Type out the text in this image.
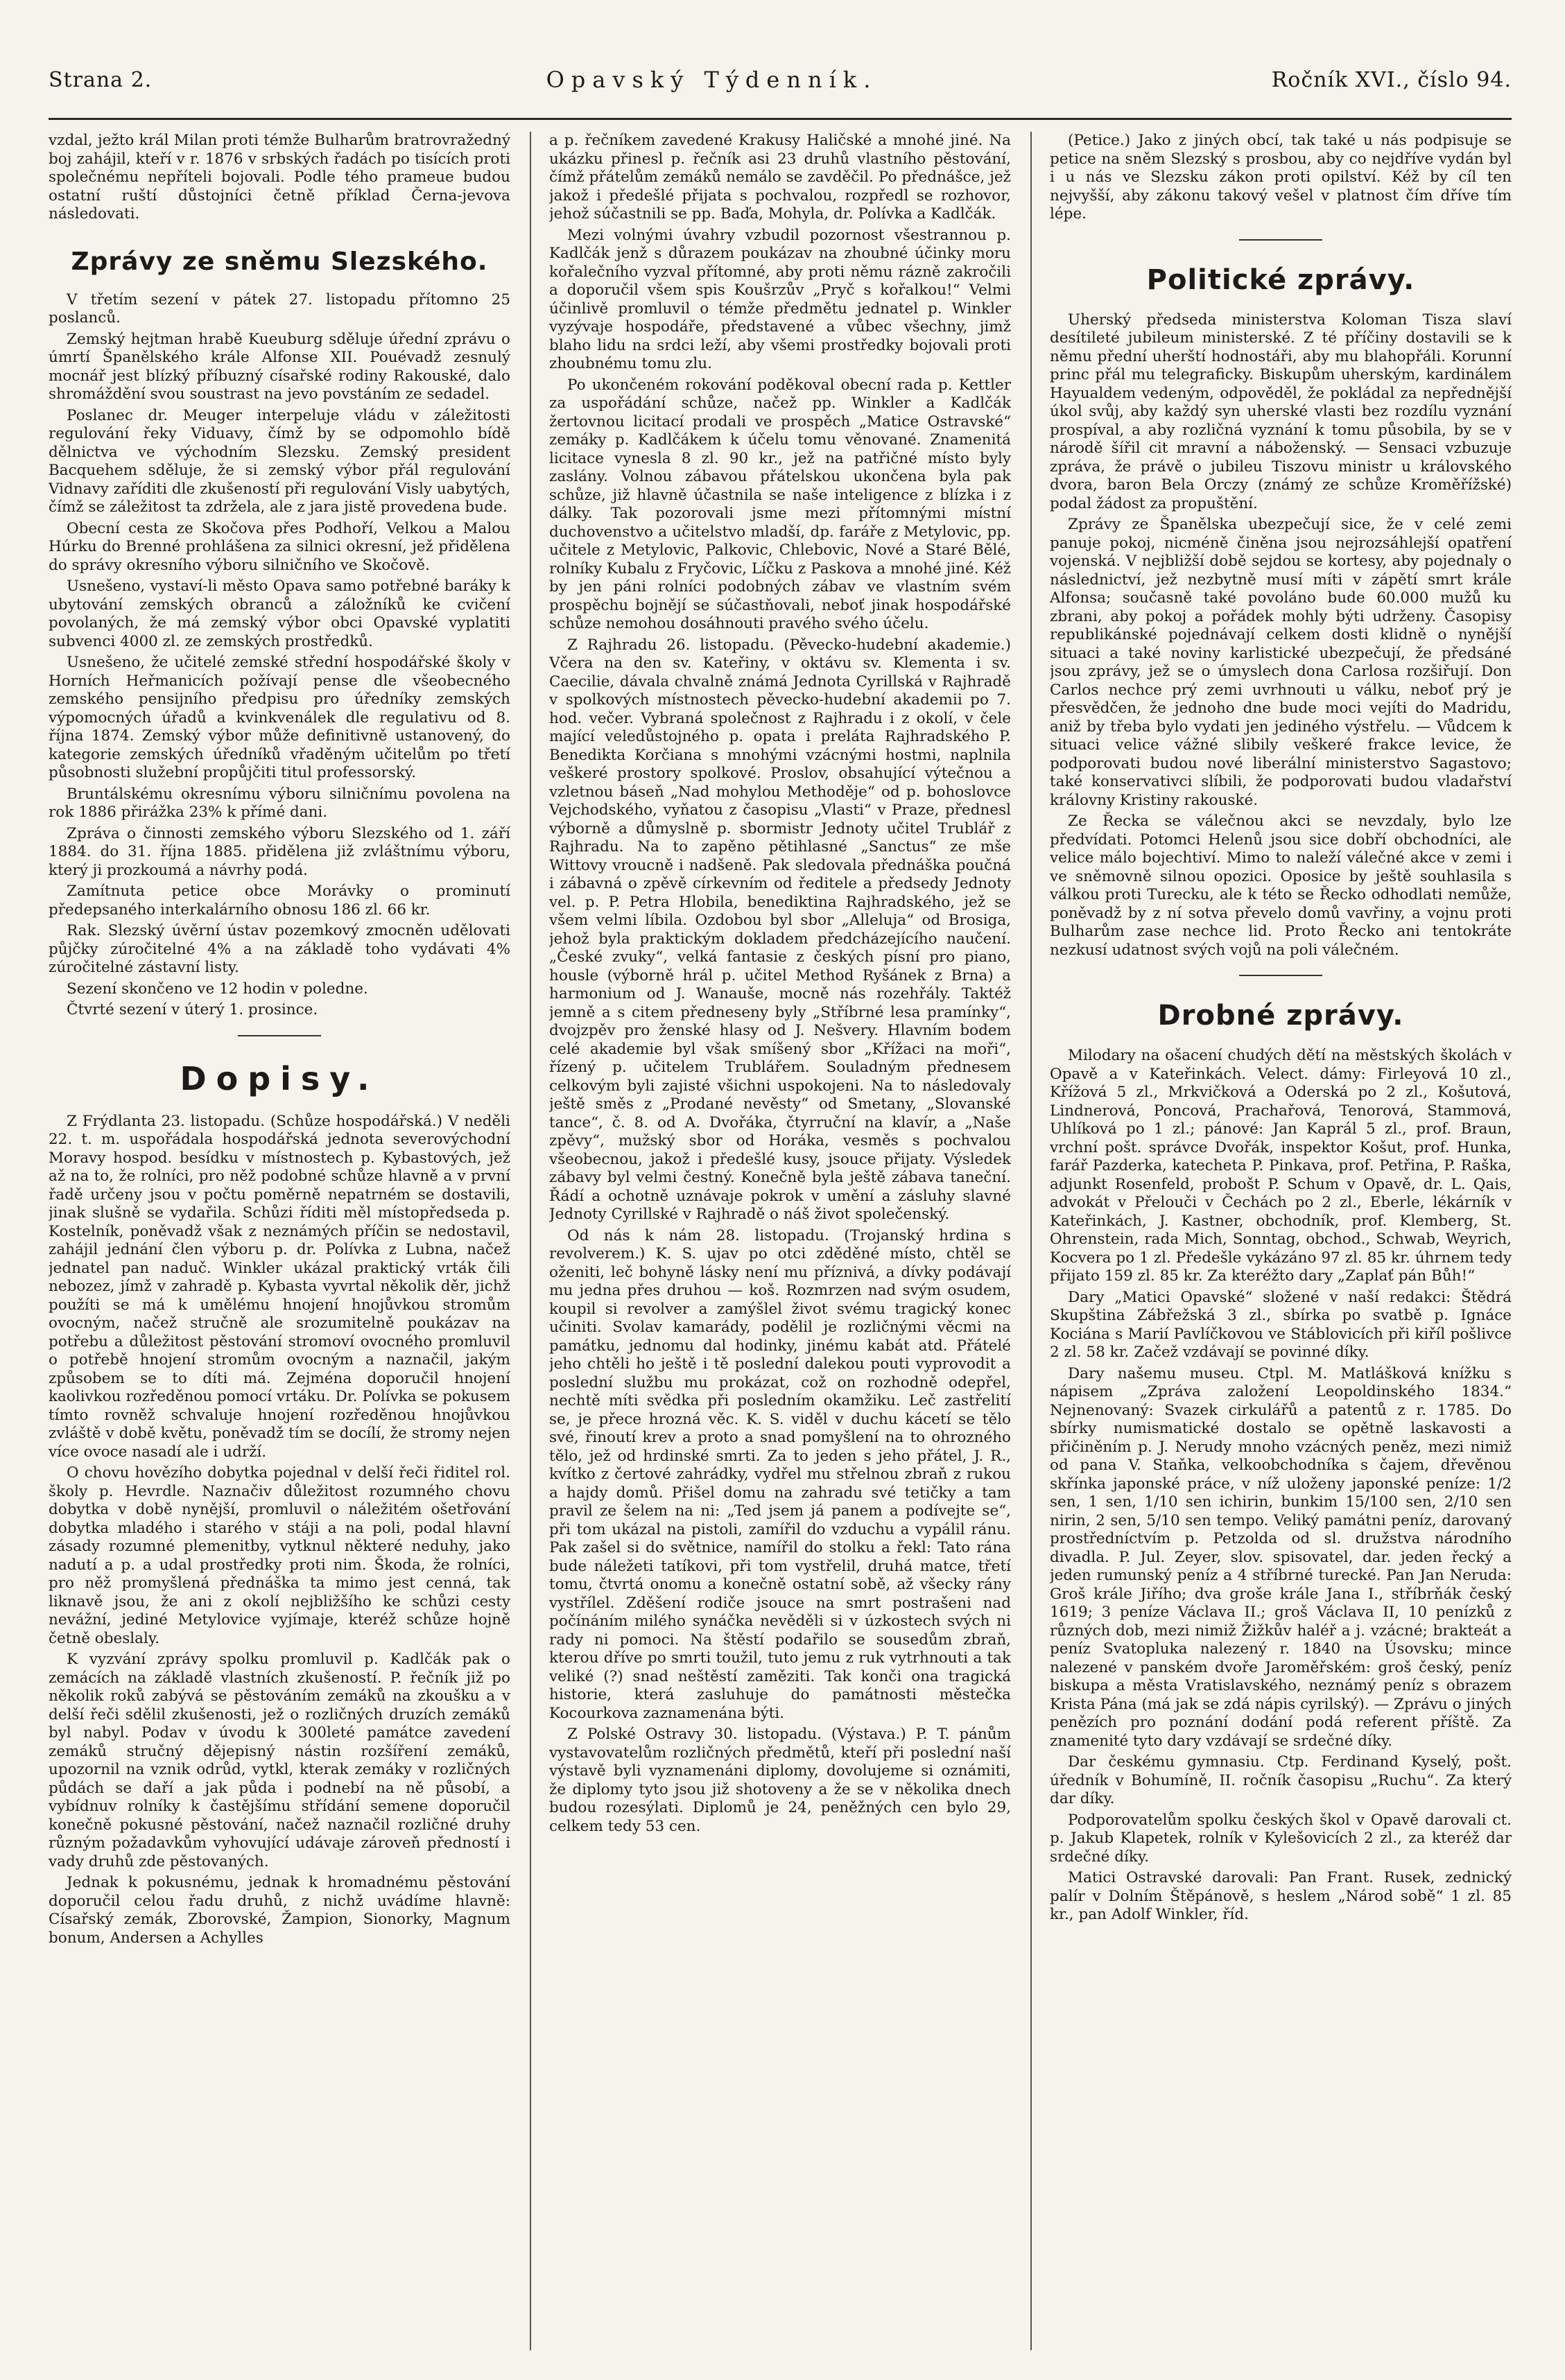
Strana 2.	Opavský Týdenník.	Ročník XVI., číslo 94.

vzdal, ježto král Milan proti témže Bulharům bratrovražedný boj zahájil, kteří v r. 1876 v srbských řadách po tisících proti společnému nepříteli bojovali. Podle tého prameue budou ostatní ruští důstojníci četně příklad Černa-jevova následovati.

Zprávy ze sněmu Slezského.

V třetím sezení v pátek 27. listopadu přítomno 25 poslanců.

Zemský hejtman hrabě Kueuburg sděluje úřední zprávu o úmrtí Španělského krále Alfonse XII. Pouévadž zesnulý mocnář jest blízký příbuzný císařské rodiny Rakouské, dalo shromáždění svou soustrast na jevo povstáním ze sedadel.

Poslanec dr. Meuger interpeluje vládu v záležitosti regulování řeky Viduavy, čímž by se odpomohlo bídě dělnictva ve východním Slezsku. Zemský president Bacquehem sděluje, že si zemský výbor přál regulování Vidnavy zaříditi dle zkušeností při regulování Visly uabytých, čímž se záležitost ta zdržela, ale z jara jistě provedena bude.

Obecní cesta ze Skočova přes Podhoří, Velkou a Malou Húrku do Brenné prohlášena za silnici okresní, jež přidělena do správy okresního výboru silničního ve Skočově.

Usnešeno, vystaví-li město Opava samo potřebné baráky k ubytování zemských obranců a záložníků ke cvičení povolaných, že má zemský výbor obci Opavské vyplatiti subvenci 4000 zl. ze zemských prostředků.

Usnešeno, že učitelé zemské střední hospodářské školy v Horních Heřmanicích požívají pense dle všeobecného zemského pensijního předpisu pro úředníky zemských výpomocných úřadů a kvinkvenálek dle regulativu od 8. října 1874. Zemský výbor může definitivně ustanovený, do kategorie zemských úředníků vřaděným učitelům po třetí působnosti služební propůjčiti titul professorský.

Bruntálskému okresnímu výboru silničnímu povolena na rok 1886 přirážka 23% k přímé dani.

Zpráva o činnosti zemského výboru Slezského od 1. září 1884. do 31. října 1885. přidělena již zvláštnímu výboru, který ji prozkoumá a návrhy podá.

Zamítnuta petice obce Morávky o prominutí předepsaného interkalárního obnosu 186 zl. 66 kr.

Rak. Slezský úvěrní ústav pozemkový zmocněn udělovati půjčky zúročitelné 4% a na základě toho vydávati 4% zúročitelné zástavní listy.

Sezení skončeno ve 12 hodin v poledne.

Čtvrté sezení v úterý 1. prosince.

Dopisy.

Z Frýdlanta 23. listopadu. (Schůze hospodářská.) V neděli 22. t. m. uspořádala hospodářská jednota severovýchodní Moravy hospod. besídku v místnostech p. Kybastových, jež až na to, že rolníci, pro něž podobné schůze hlavně a v první řadě určeny jsou v počtu poměrně nepatrném se dostavili, jinak slušně se vydařila. Schůzi říditi měl místopředseda p. Kostelník, poněvadž však z neznámých příčin se nedostavil, zahájil jednání člen výboru p. dr. Polívka z Lubna, načež jednatel pan naduč. Winkler ukázal praktický vrták čili nebozez, jímž v zahradě p. Kybasta vyvrtal několik děr, jichž použíti se má k umělému hnojení hnojůvkou stromům ovocným, načež stručně ale srozumitelně poukázav na potřebu a důležitost pěstování stromoví ovocného promluvil o potřebě hnojení stromům ovocným a naznačil, jakým způsobem se to díti má. Zejména doporučil hnojení kaolivkou rozředěnou pomocí vrtáku. Dr. Polívka se pokusem tímto rovněž schvaluje hnojení rozředěnou hnojůvkou zvláště v době květu, poněvadž tím se docílí, že stromy nejen více ovoce nasadí ale i udrží.

O chovu hovězího dobytka pojednal v delší řeči řiditel rol. školy p. Hevrdle. Naznačiv důležitost rozumného chovu dobytka v době nynější, promluvil o náležitém ošetřování dobytka mladého i starého v stáji a na poli, podal hlavní zásady rozumné plemenitby, vytknul některé neduhy, jako nadutí a p. a udal prostředky proti nim. Škoda, že rolníci, pro něž promyšlená přednáška ta mimo jest cenná, tak liknavě jsou, že ani z okolí nejbližšího ke schůzi cesty nevážní, jediné Metylovice vyjímaje, kteréž schůze hojně četně obeslaly.

K vyzvání zprávy spolku promluvil p. Kadlčák pak o zemácích na základě vlastních zkušeností. P. řečník již po několik roků zabývá se pěstováním zemáků na zkoušku a v delší řeči sdělil zkušenosti, jež o rozličných druzích zemáků byl nabyl. Podav v úvodu k 300leté památce zavedení zemáků stručný dějepisný nástin rozšíření zemáků, upozornil na vznik odrůd, vytkl, kterak zemáky v rozličných půdách se daří a jak půda i podnebí na ně působí, a vybídnuv rolníky k častějšímu střídání semene doporučil konečně pokusné pěstování, načež naznačil rozličné druhy různým požadavkům vyhovující udávaje zároveň předností i vady druhů zde pěstovaných.

Jednak k pokusnému, jednak k hromadnému pěstování doporučil celou řadu druhů, z nichž uvádíme hlavně: Císařský zemák, Zborovské, Žampion, Sionorky, Magnum bonum, Andersen a Achylles

a p. řečníkem zavedené Krakusy Haličské a mnohé jiné. Na ukázku přinesl p. řečník asi 23 druhů vlastního pěstování, čímž přátelům zemáků nemálo se zavděčil. Po přednášce, jež jakož i předešlé přijata s pochvalou, rozpředl se rozhovor, jehož súčastnili se pp. Baďa, Mohyla, dr. Polívka a Kadlčák.

Mezi volnými úvahry vzbudil pozornost všestrannou p. Kadlčák jenž s důrazem poukázav na zhoubné účinky moru kořalečního vyzval přítomné, aby proti němu rázně zakročili a doporučil všem spis Koušrzův „Pryč s kořalkou!“ Velmi účinlivě promluvil o témže předmětu jednatel p. Winkler vyzývaje hospodáře, představené a vůbec všechny, jimž blaho lidu na srdci leží, aby všemi prostředky bojovali proti zhoubnému tomu zlu.

Po ukončeném rokování poděkoval obecní rada p. Kettler za uspořádání schůze, načež pp. Winkler a Kadlčák žertovnou licitací prodali ve prospěch „Matice Ostravské“ zemáky p. Kadlčákem k účelu tomu věnované. Znamenitá licitace vynesla 8 zl. 90 kr., jež na patřičné místo byly zaslány. Volnou zábavou přátelskou ukončena byla pak schůze, již hlavně účastnila se naše inteligence z blízka i z dálky. Tak pozorovali jsme mezi přítomnými místní duchovenstvo a učitelstvo mladší, dp. faráře z Metylovic, pp. učitele z Metylovic, Palkovic, Chlebovic, Nové a Staré Bělé, rolníky Kubalu z Fryčovic, Líčku z Paskova a mnohé jiné. Kéž by jen páni rolníci podobných zábav ve vlastním svém prospěchu bojnějí se súčastňovali, neboť jinak hospodářské schůze nemohou dosáhnouti pravého svého účelu.

Z Rajhradu 26. listopadu. (Pěvecko-hudební akademie.) Včera na den sv. Kateřiny, v oktávu sv. Klementa i sv. Caecilie, dávala chvalně známá Jednota Cyrillská v Rajhradě v spolkových místnostech pěvecko-hudební akademii po 7. hod. večer. Vybraná společnost z Rajhradu i z okolí, v čele mající veledůstojného p. opata i preláta Rajhradského P. Benedikta Korčiana s mnohými vzácnými hostmi, naplnila veškeré prostory spolkové. Proslov, obsahující výtečnou a vzletnou báseň „Nad mohylou Methoděje“ od p. bohoslovce Vejchodského, vyňatou z časopisu „Vlasti“ v Praze, přednesl výborně a důmyslně p. sbormistr Jednoty učitel Trublář z Rajhradu. Na to zapěno pětihlasné „Sanctus“ ze mše Wittovy vroucně i nadšeně. Pak sledovala přednáška poučná i zábavná o zpěvě církevním od ředitele a předsedy Jednoty vel. p. P. Petra Hlobila, benediktina Rajhradského, jež se všem velmi líbila. Ozdobou byl sbor „Alleluja“ od Brosiga, jehož byla praktickým dokladem předcházejícího naučení. „České zvuky“, velká fantasie z českých písní pro piano, housle (výborně hrál p. učitel Method Ryšánek z Brna) a harmonium od J. Wanauše, mocně nás rozehřály. Taktéž jemně a s citem předneseny byly „Stříbrné lesa pramínky“, dvojzpěv pro ženské hlasy od J. Nešvery. Hlavním bodem celé akademie byl však smíšený sbor „Křížaci na moři“, řízený p. učitelem Trublářem. Souladným přednesem celkovým byli zajisté všichni uspokojeni. Na to následovaly ještě směs z „Prodané nevěsty“ od Smetany, „Slovanské tance“, č. 8. od A. Dvořáka, čtyrruční na klavír, a „Naše zpěvy“, mužský sbor od Horáka, vesměs s pochvalou všeobecnou, jakož i předešlé kusy, jsouce přijaty. Výsledek zábavy byl velmi čestný. Konečně byla ještě zábava taneční. Řádí a ochotně uznávaje pokrok v umění a zásluhy slavné Jednoty Cyrillské v Rajhradě o náš život společenský.

Od nás k nám 28. listopadu. (Trojanský hrdina s revolverem.) K. S. ujav po otci zděděné místo, chtěl se oženiti, leč bohyně lásky není mu příznivá, a dívky podávají mu jedna přes druhou — koš. Rozmrzen nad svým osudem, koupil si revolver a zamýšlel život svému tragický konec učiniti. Svolav kamarády, podělil je rozličnými věcmi na památku, jednomu dal hodinky, jinému kabát atd. Přátelé jeho chtěli ho ještě i tě poslední dalekou pouti vyprovodit a poslední službu mu prokázat, což on rozhodně odepřel, nechtě míti svědka při posledním okamžiku. Leč zastřelití se, je přece hrozná věc. K. S. viděl v duchu kácetí se tělo své, řinoutí krev a proto a snad pomyšlení na to ohrozného tělo, jež od hrdinské smrti. Za to jeden s jeho přátel, J. R., kvítko z čertové zahrádky, vydřel mu střelnou zbraň z rukou a hajdy domů. Přišel domu na zahradu své tetičky a tam pravil ze šelem na ni: „Ted jsem já panem a podívejte se“, při tom ukázal na pistoli, zamířil do vzduchu a vypálil ránu. Pak zašel si do světnice, namířil do stolku a řekl: Tato rána bude náležeti tatíkovi, při tom vystřelil, druhá matce, třetí tomu, čtvrtá onomu a konečně ostatní sobě, až všecky rány vystřílel. Zděšení rodiče jsouce na smrt postrašeni nad počínáním milého synáčka nevěděli si v úzkostech svých ni rady ni pomoci. Na štěstí podařilo se sousedům zbraň, kterou dříve po smrti toužil, tuto jemu z ruk vytrhnouti a tak veliké (?) snad neštěstí zaměziti. Tak konči ona tragická historie, která zasluhuje do památnosti městečka Kocourkova zaznamenána býti.

Z Polské Ostravy 30. listopadu. (Výstava.) P. T. pánům vystavovatelům rozličných předmětů, kteří při poslední naší výstavě byli vyznamenáni diplomy, dovolujeme si oznámiti, že diplomy tyto jsou již shotoveny a že se v několika dnech budou rozesýlati. Diplomů je 24, peněžných cen bylo 29, celkem tedy 53 cen.

(Petice.) Jako z jiných obcí, tak také u nás podpisuje se petice na sněm Slezský s prosbou, aby co nejdříve vydán byl i u nás ve Slezsku zákon proti opilství. Kéž by cíl ten nejvyšší, aby zákonu takový vešel v platnost čím dříve tím lépe.

Politické zprávy.

Uherský předseda ministerstva Koloman Tisza slaví desítileté jubileum ministerské. Z té příčiny dostavili se k němu přední uherští hodnostáři, aby mu blahopřáli. Korunní princ přál mu telegraficky. Biskupům uherským, kardinálem Hayualdem vedeným, odpověděl, že pokládal za nepřednější úkol svůj, aby každý syn uherské vlasti bez rozdílu vyznání prospíval, a aby rozličná vyznání k tomu působila, by se v národě šířil cit mravní a náboženský. — Sensaci vzbuzuje zpráva, že právě o jubileu Tiszovu ministr u královského dvora, baron Bela Orczy (známý ze schůze Kroměřížské) podal žádost za propuštění.

Zprávy ze Španělska ubezpečují sice, že v celé zemi panuje pokoj, nicméně činěna jsou nejrozsáhlejší opatření vojenská. V nejbližší době sejdou se kortesy, aby pojednaly o následnictví, jež nezbytně musí míti v zápětí smrt krále Alfonsa; současně také povoláno bude 60.000 mužů ku zbrani, aby pokoj a pořádek mohly býti udrženy. Časopisy republikánské pojednávají celkem dosti klidně o nynější situaci a také noviny karlistické ubezpečují, že předsáné jsou zprávy, jež se o úmyslech dona Carlosa rozšiřují. Don Carlos nechce prý zemi uvrhnouti u válku, neboť prý je přesvědčen, že jednoho dne bude moci vejíti do Madridu, aniž by třeba bylo vydati jen jediného výstřelu. — Vůdcem k situaci velice vážné slibily veškeré frakce levice, že podporovati budou nové liberální ministerstvo Sagastovo; také konservativci slíbili, že podporovati budou vladařství královny Kristiny rakouské.

Ze Řecka se válečnou akci se nevzdaly, bylo lze předvídati. Potomci Helenů jsou sice dobří obchodníci, ale velice málo bojechtiví. Mimo to naleží válečné akce v zemi i ve sněmovně silnou opozici. Oposice by ještě souhlasila s válkou proti Turecku, ale k této se Řecko odhodlati nemůže, poněvadž by z ní sotva převelo domů vavřiny, a vojnu proti Bulharům zase nechce lid. Proto Řecko ani tentokráte nezkusí udatnost svých vojů na poli válečném.

Drobné zprávy.

Milodary na ošacení chudých dětí na městských školách v Opavě a v Kateřinkách. Velect. dámy: Firleyová 10 zl., Křížová 5 zl., Mrkvičková a Oderská po 2 zl., Košutová, Lindnerová, Poncová, Prachařová, Tenorová, Stammová, Uhlíková po 1 zl.; pánové: Jan Kaprál 5 zl., prof. Braun, vrchní pošt. správce Dvořák, inspektor Košut, prof. Hunka, farář Pazderka, katecheta P. Pinkava, prof. Petřina, P. Raška, adjunkt Rosenfeld, probošt P. Schum v Opavě, dr. L. Qais, advokát v Přelouči v Čechách po 2 zl., Eberle, lékárník v Kateřinkách, J. Kastner, obchodník, prof. Klemberg, St. Ohrenstein, rada Mich, Sonntag, obchod., Schwab, Weyrich, Kocvera po 1 zl. Předešle vykázáno 97 zl. 85 kr. úhrnem tedy přijato 159 zl. 85 kr. Za kteréžto dary „Zaplať pán Bůh!“

Dary „Matici Opavské“ složené v naší redakci: Štědrá Skupština Zábřežská 3 zl., sbírka po svatbě p. Ignáce Kociána s Marií Pavlíčkovou ve Stáblovicích při kiříl pošlivce 2 zl. 58 kr. Začež vzdávají se povinné díky.

Dary našemu museu. Ctpl. M. Matlášková knížku s nápisem „Zpráva založení Leopoldinského 1834.“ Nejnenovaný: Svazek cirkulářů a patentů z r. 1785. Do sbírky numismatické dostalo se opětně laskavosti a přičiněním p. J. Nerudy mnoho vzácných peněz, mezi nimiž od pana V. Staňka, velkoobchodníka s čajem, dřevěnou skřínka japonské práce, v níž uloženy japonské peníze: 1/2 sen, 1 sen, 1/10 sen ichirin, bunkim 15/100 sen, 2/10 sen nirin, 2 sen, 5/10 sen tempo. Veliký památni peníz, darovaný prostředníctvím p. Petzolda od sl. družstva národního divadla. P. Jul. Zeyer, slov. spisovatel, dar. jeden řecký a jeden rumunský peníz a 4 stříbrné turecké. Pan Jan Neruda: Groš krále Jiřího; dva groše krále Jana I., stříbrňák český 1619; 3 penízе Václava II.; groš Václava II, 10 penízků z různých dob, mezi nimiž Žižkův haléř a j. vzácné; brakteát a peníz Svatoplukа nalezený r. 1840 na Úsovsku; mince nalezené v panském dvoře Jaroměřském: groš český, peníz biskupa a města Vratislavského, neznámý peníz s obrazem Krista Pána (má jak se zdá nápis cyrilský). — Zprávu o jiných penězích pro poznání dodání podá referent příště. Za znamenité tyto dary vzdávají se srdečné díky.

Dar českému gymnasiu. Ctp. Ferdinand Kyselý, pošt. úředník v Bohumíně, II. ročník časopisu „Ruchu“. Za který dar díky.

Podporovatelům spolku českých škol v Opavě darovali ct. p. Jakub Klapetek, rolník v Kylešovicích 2 zl., za kteréž dar srdečné díky.

Matici Ostravské darovali: Pan Frant. Rusek, zednický palír v Dolním Štěpánově, s heslem „Národ sobě“ 1 zl. 85 kr., pan Adolf Winkler, říd.
